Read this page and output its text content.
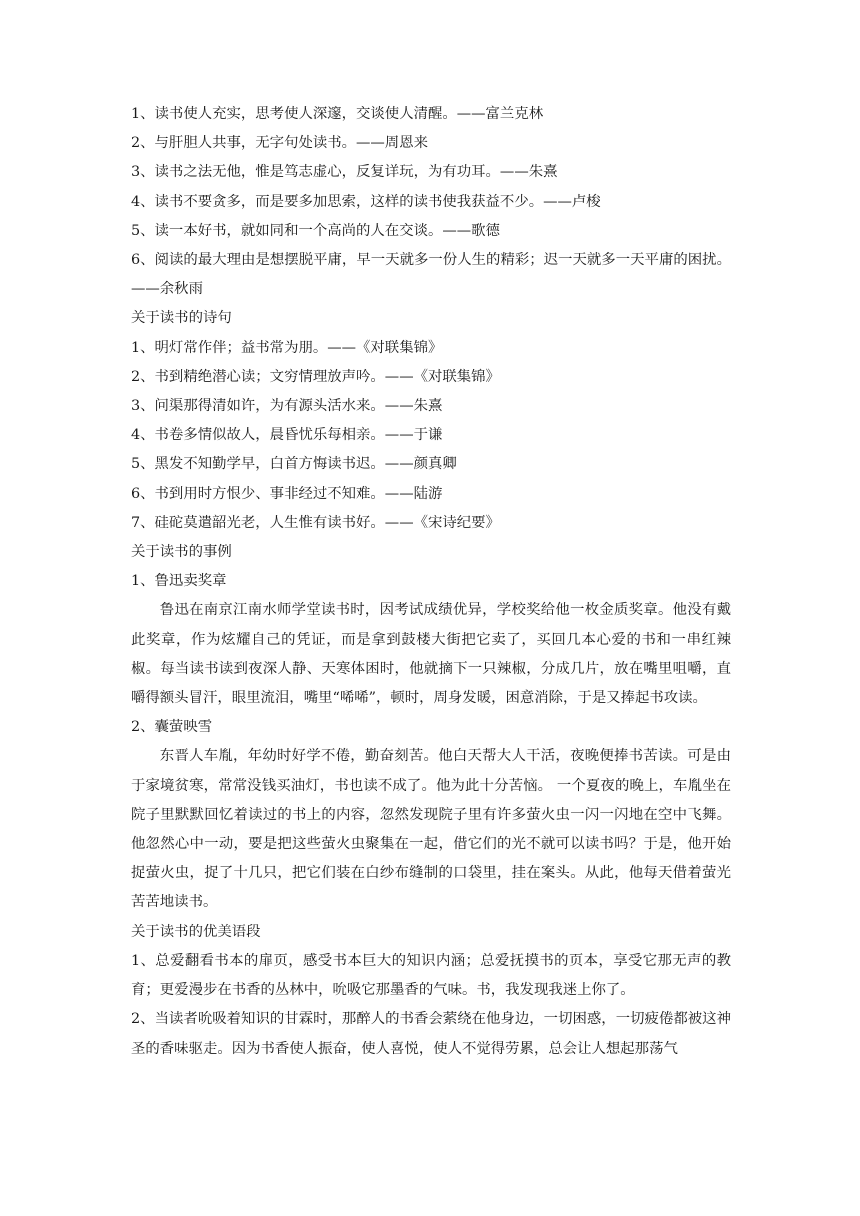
1、读书使人充实，思考使人深邃，交谈使人清醒。——富兰克林
2、与肝胆人共事，无字句处读书。——周恩来
3、读书之法无他，惟是笃志虚心，反复详玩，为有功耳。——朱熹
4、读书不要贪多，而是要多加思索，这样的读书使我获益不少。——卢梭
5、读一本好书，就如同和一个高尚的人在交谈。——歌德
6、阅读的最大理由是想摆脱平庸，早一天就多一份人生的精彩；迟一天就多一天平庸的困扰。——余秋雨
关于读书的诗句
1、明灯常作伴；益书常为朋。——《对联集锦》
2、书到精绝潜心读；文穷情理放声吟。——《对联集锦》
3、问渠那得清如许，为有源头活水来。——朱熹
4、书卷多情似故人，晨昏忧乐每相亲。——于谦
5、黑发不知勤学早，白首方悔读书迟。——颜真卿
6、书到用时方恨少、事非经过不知难。——陆游
7、硅砣莫遣韶光老，人生惟有读书好。——《宋诗纪要》
关于读书的事例
1、鲁迅卖奖章
鲁迅在南京江南水师学堂读书时，因考试成绩优异，学校奖给他一枚金质奖章。他没有戴此奖章，作为炫耀自己的凭证，而是拿到鼓楼大街把它卖了，买回几本心爱的书和一串红辣椒。每当读书读到夜深人静、天寒体困时，他就摘下一只辣椒，分成几片，放在嘴里咀嚼，直嚼得额头冒汗，眼里流泪，嘴里“唏唏”，顿时，周身发暖，困意消除，于是又捧起书攻读。
2、囊萤映雪
东晋人车胤，年幼时好学不倦，勤奋刻苦。他白天帮大人干活，夜晚便捧书苦读。可是由于家境贫寒，常常没钱买油灯，书也读不成了。他为此十分苦恼。 一个夏夜的晚上，车胤坐在院子里默默回忆着读过的书上的内容，忽然发现院子里有许多萤火虫一闪一闪地在空中飞舞。他忽然心中一动，要是把这些萤火虫聚集在一起，借它们的光不就可以读书吗？于是，他开始捉萤火虫，捉了十几只，把它们装在白纱布缝制的口袋里，挂在案头。从此，他每天借着萤光苦苦地读书。
关于读书的优美语段
1、总爱翻看书本的扉页，感受书本巨大的知识内涵；总爱抚摸书的页本，享受它那无声的教育；更爱漫步在书香的丛林中，吮吸它那墨香的气味。书，我发现我迷上你了。
2、当读者吮吸着知识的甘霖时，那醉人的书香会萦绕在他身边，一切困惑，一切疲倦都被这神圣的香味驱走。因为书香使人振奋，使人喜悦，使人不觉得劳累，总会让人想起那荡气
